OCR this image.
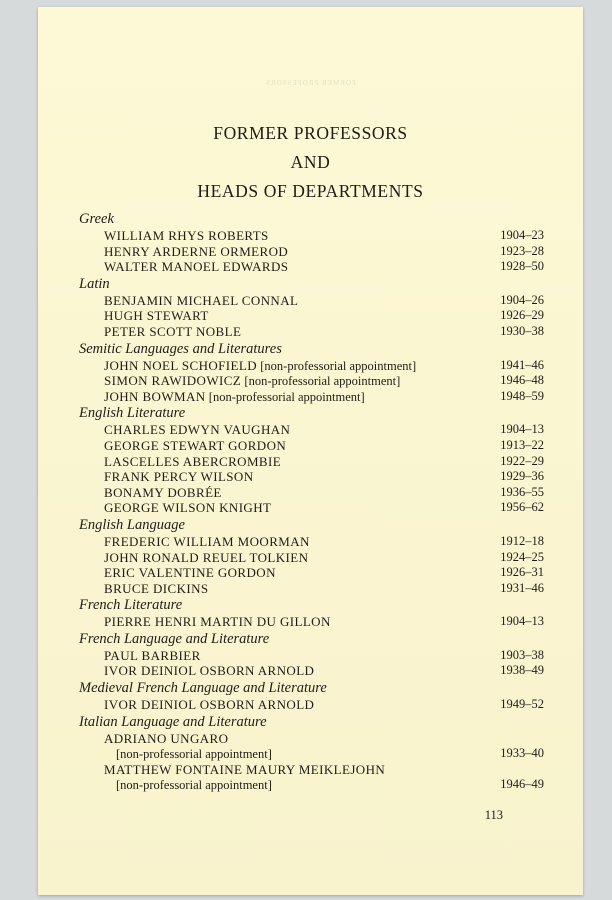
FORMER PROFESSORS
FORMER PROFESSORS
AND
HEADS OF DEPARTMENTS
Greek
WILLIAM RHYS ROBERTS	1904–23
HENRY ARDERNE ORMEROD	1923–28
WALTER MANOEL EDWARDS	1928–50
Latin
BENJAMIN MICHAEL CONNAL	1904–26
HUGH STEWART	1926–29
PETER SCOTT NOBLE	1930–38
Semitic Languages and Literatures
JOHN NOEL SCHOFIELD [non-professorial appointment]	1941–46
SIMON RAWIDOWICZ [non-professorial appointment]	1946–48
JOHN BOWMAN [non-professorial appointment]	1948–59
English Literature
CHARLES EDWYN VAUGHAN	1904–13
GEORGE STEWART GORDON	1913–22
LASCELLES ABERCROMBIE	1922–29
FRANK PERCY WILSON	1929–36
BONAMY DOBRÉE	1936–55
GEORGE WILSON KNIGHT	1956–62
English Language
FREDERIC WILLIAM MOORMAN	1912–18
JOHN RONALD REUEL TOLKIEN	1924–25
ERIC VALENTINE GORDON	1926–31
BRUCE DICKINS	1931–46
French Literature
PIERRE HENRI MARTIN DU GILLON	1904–13
French Language and Literature
PAUL BARBIER	1903–38
IVOR DEINIOL OSBORN ARNOLD	1938–49
Medieval French Language and Literature
IVOR DEINIOL OSBORN ARNOLD	1949–52
Italian Language and Literature
ADRIANO UNGARO
[non-professorial appointment]	1933–40
MATTHEW FONTAINE MAURY MEIKLEJOHN
[non-professorial appointment]	1946–49
113
